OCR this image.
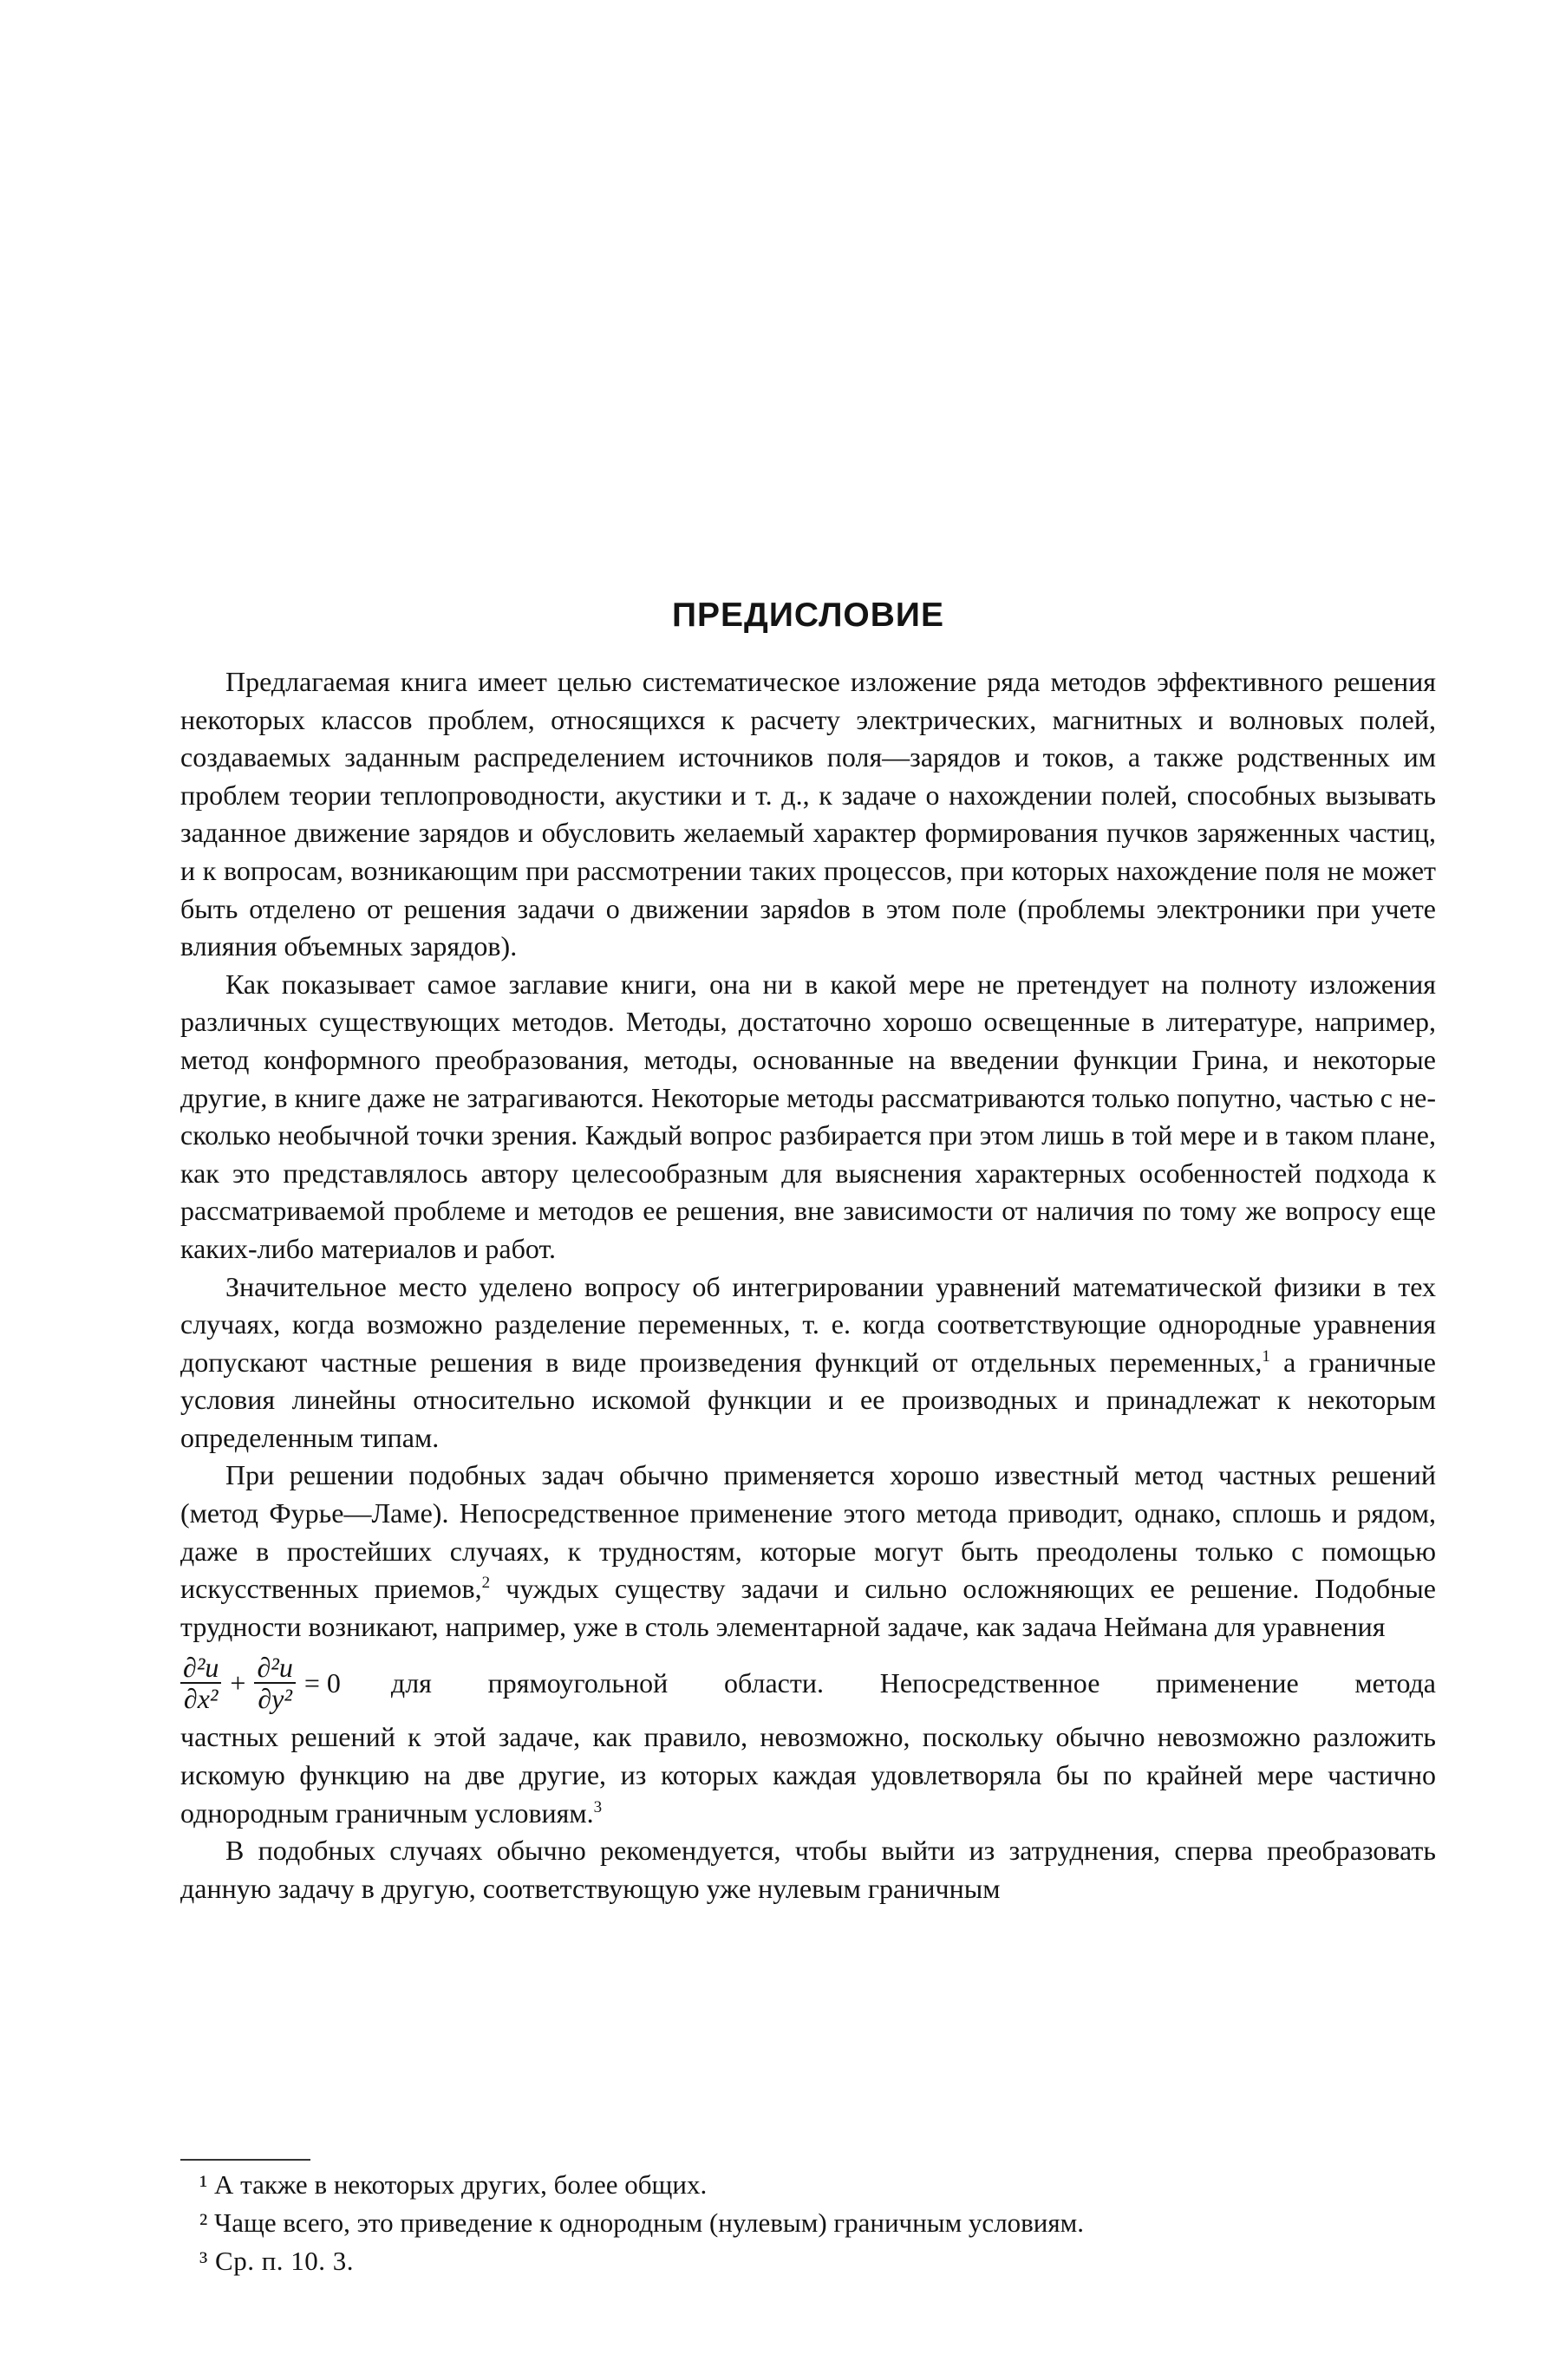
ПРЕДИСЛОВИЕ

Предлагаемая книга имеет целью систематическое изложение ряда методов эффективного решения некоторых классов проблем, относящихся к расчету электрических, магнитных и волновых полей, создаваемых заданным распределением источников поля—зарядов и токов, а также родственных им проблем теории теплопроводности, акустики и т. д., к задаче о нахождении полей, способных вызывать заданное движение зарядов и обусловить желаемый характер формирования пучков заряженных частиц, и к вопросам, возникающим при рассмотрении таких процессов, при которых нахождение поля не может быть отделено от решения задачи о движении заряdов в этом поле (проблемы электроники при учете влияния объемных зарядов).

Как показывает самое заглавие книги, она ни в какой мере не претендует на полноту изложения различных существующих методов. Методы, достаточно хорошо освещенные в литературе, например, метод конформного преобразования, методы, основанные на введении функции Грина, и некоторые другие, в книге даже не затрагиваются. Некоторые методы рассматриваются только попутно, частью с несколько необычной точки зрения. Каждый вопрос разбирается при этом лишь в той мере и в таком плане, как это представлялось автору целесообразным для выяснения характерных особенностей подхода к рассматриваемой проблеме и методов ее решения, вне зависимости от наличия по тому же вопросу еще каких-либо материалов и работ.

Значительное место уделено вопросу об интегрировании уравнений математической физики в тех случаях, когда возможно разделение переменных, т. е. когда соответствующие однородные уравнения допускают частные решения в виде произведения функций от отдельных переменных,$^1$ а граничные условия линейны относительно искомой функции и ее производных и принадлежат к некоторым определенным типам.

При решении подобных задач обычно применяется хорошо известный метод частных решений (метод Фурье—Ламе). Непосредственное применение этого метода приводит, однако, сплошь и рядом, даже в простейших случаях, к трудностям, которые могут быть преодолены только с помощью искусственных приемов,$^2$ чуждых существу задачи и сильно осложняющих ее решение. Подобные трудности возникают, например, уже в столь элементарной задаче, как задача Неймана для уравнения

$\frac{\text{∂²u}}{\text{∂x²}} + \frac{\text{∂²u}}{\text{∂y²}} = 0$ для прямоугольной области. Непосредственное применение метода

частных решений к этой задаче, как правило, невозможно, поскольку обычно невозможно разложить искомую функцию на две другие, из которых каждая удовлетворяла бы по крайней мере частично однородным граничным условиям.$^3$

В подобных случаях обычно рекомендуется, чтобы выйти из затруднения, сперва преобразовать данную задачу в другую, соответствующую уже нулевым граничным

¹ А также в некоторых других, более общих.
² Чаще всего, это приведение к однородным (нулевым) граничным условиям.
³ Ср. п. 10. 3.
